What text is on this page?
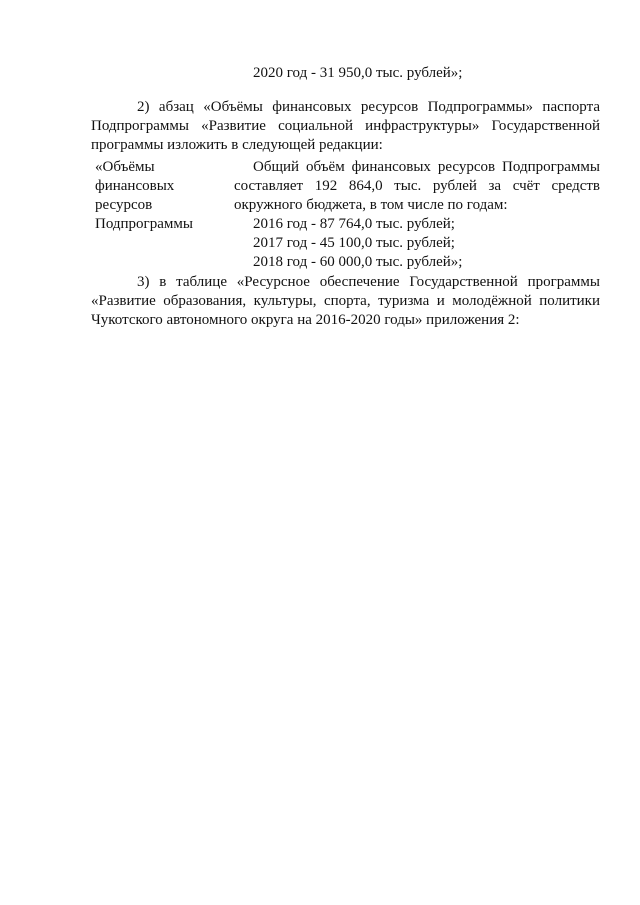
2020 год - 31 950,0 тыс. рублей»;
2) абзац «Объёмы финансовых ресурсов Подпрограммы» паспорта
Подпрограммы «Развитие социальной инфраструктуры» Государственной
программы изложить в следующей редакции:
«Объёмы
финансовых
ресурсов
Подпрограммы
Общий объём финансовых ресурсов Подпрограммы
составляет 192 864,0 тыс. рублей за счёт средств
окружного бюджета, в том числе по годам:
2016 год - 87 764,0 тыс. рублей;
2017 год - 45 100,0 тыс. рублей;
2018 год - 60 000,0 тыс. рублей»;
3) в таблице «Ресурсное обеспечение Государственной программы
«Развитие образования, культуры, спорта, туризма и молодёжной политики
Чукотского автономного округа на 2016-2020 годы» приложения 2:
